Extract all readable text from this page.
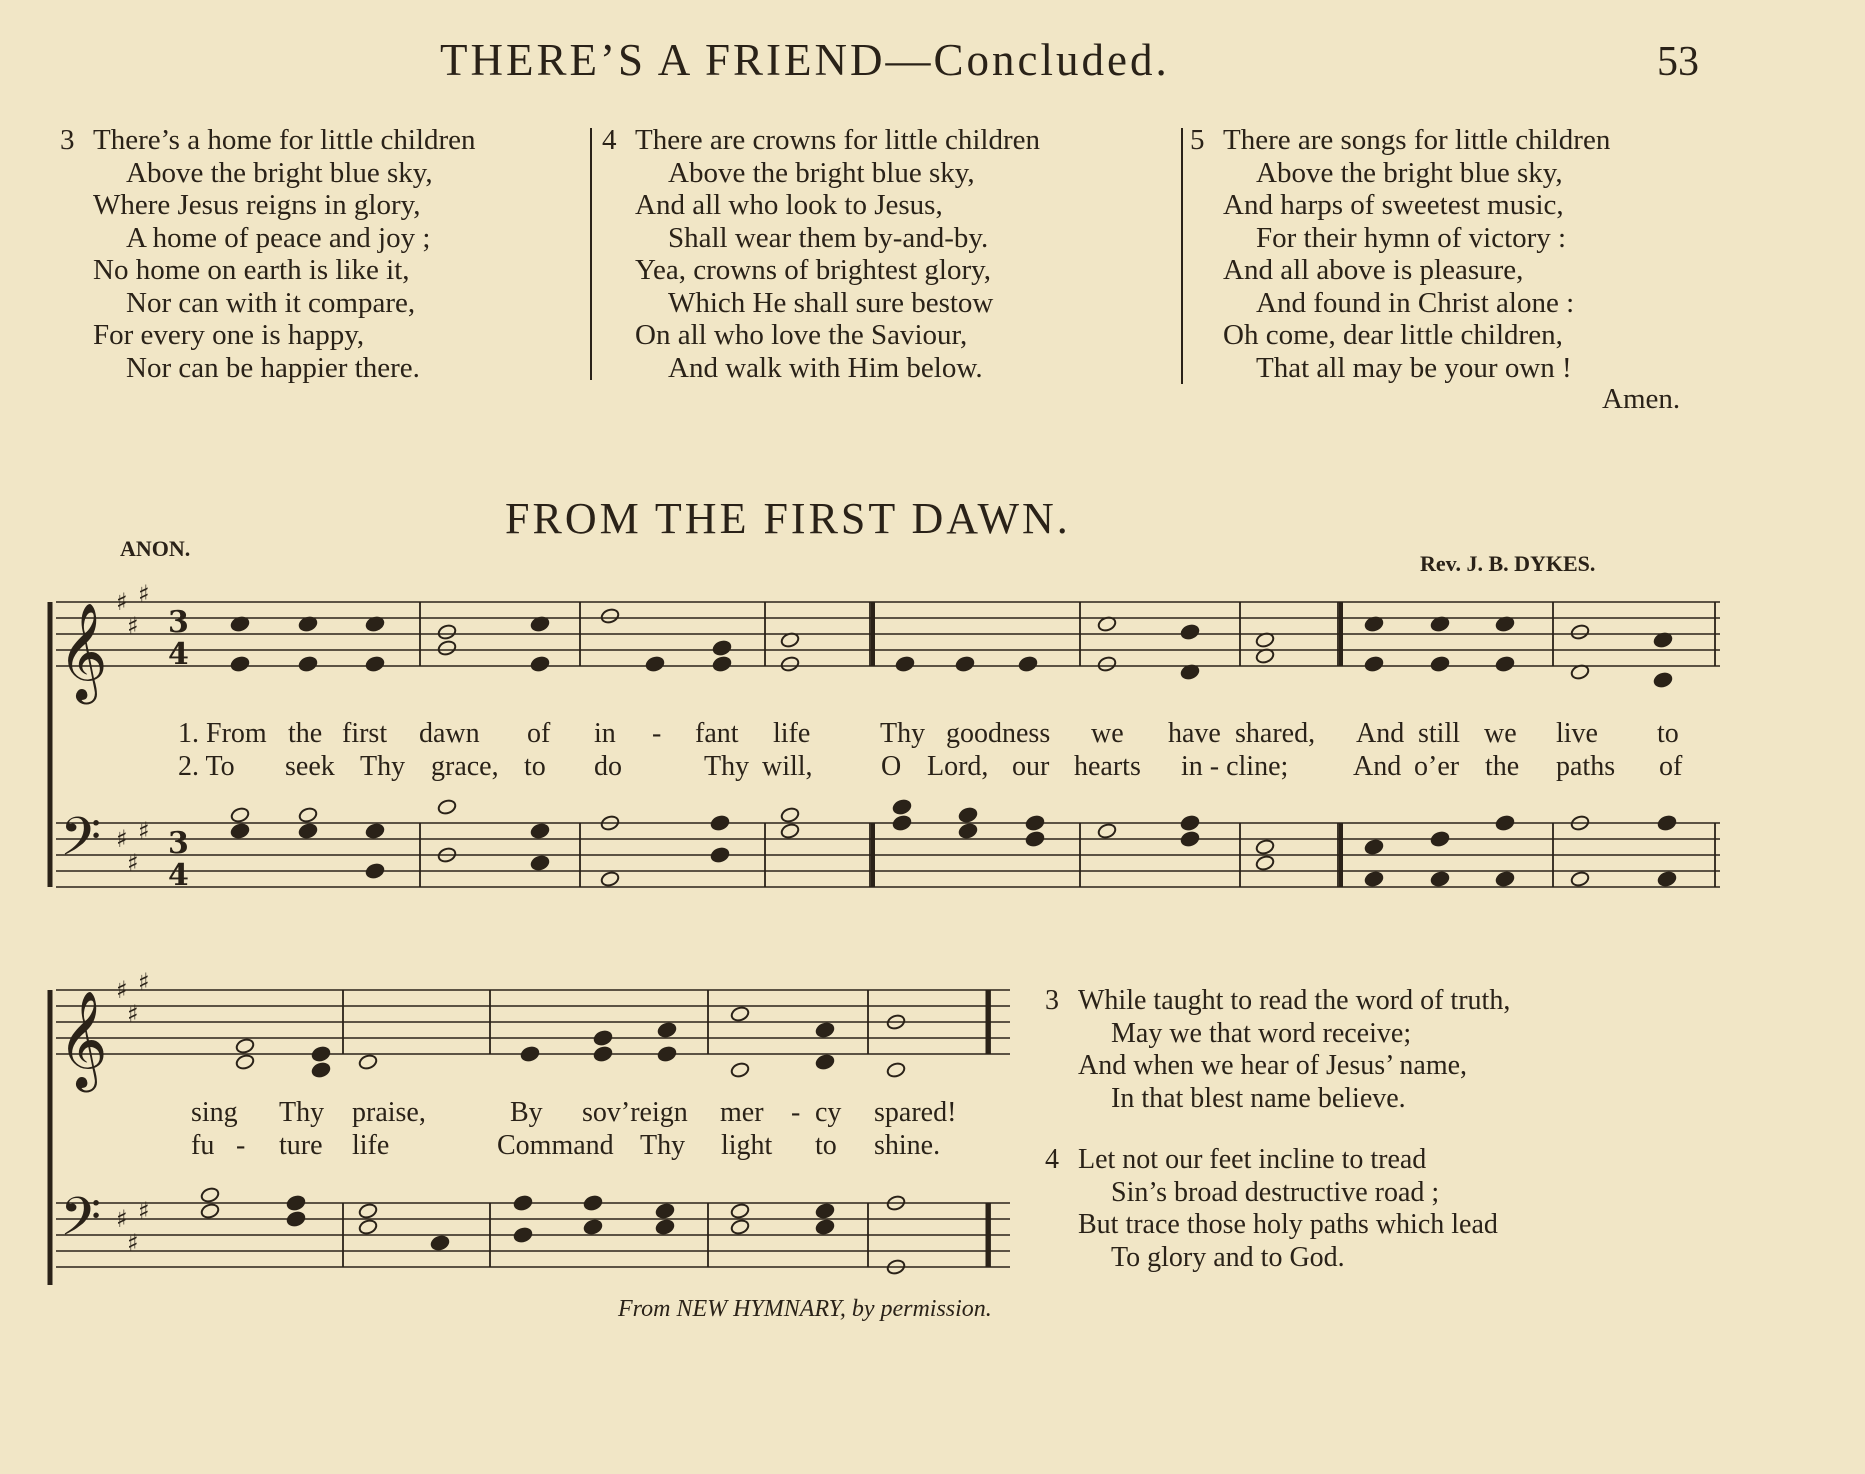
THERE’S A FRIEND—Concluded.	53
3 There’s a home for little children
Above the bright blue sky,
Where Jesus reigns in glory,
A home of peace and joy ;
No home on earth is like it,
Nor can with it compare,
For every one is happy,
Nor can be happier there.
4 There are crowns for little children
Above the bright blue sky,
And all who look to Jesus,
Shall wear them by-and-by.
Yea, crowns of brightest glory,
Which He shall sure bestow
On all who love the Saviour,
And walk with Him below.
5 There are songs for little children
Above the bright blue sky,
And harps of sweetest music,
For their hymn of victory :
And all above is pleasure,
And found in Christ alone :
Oh come, dear little children,
That all may be your own !
Amen.
FROM THE FIRST DAWN.
ANON.
Rev. J. B. DYKES.
𝄞
𝄢
♯
♯
♯
♯
♯
♯
3
4
3
4
𝄞
𝄢
♯
♯
♯
♯
♯
♯
1. From the first dawn of in - fant life Thy goodness we have shared, And still we live to
2. To seek Thy grace, to do	Thy will, O Lord, our hearts in - cline; And o’er the paths of
sing Thy praise,	By sov’reign mer - cy spared!
fu - ture life	Command Thy light to shine.
3 While taught to read the word of truth,
May we that word receive;
And when we hear of Jesus’ name,
In that blest name believe.
4 Let not our feet incline to tread
Sin’s broad destructive road ;
But trace those holy paths which lead
To glory and to God.
From NEW HYMNARY, by permission.
